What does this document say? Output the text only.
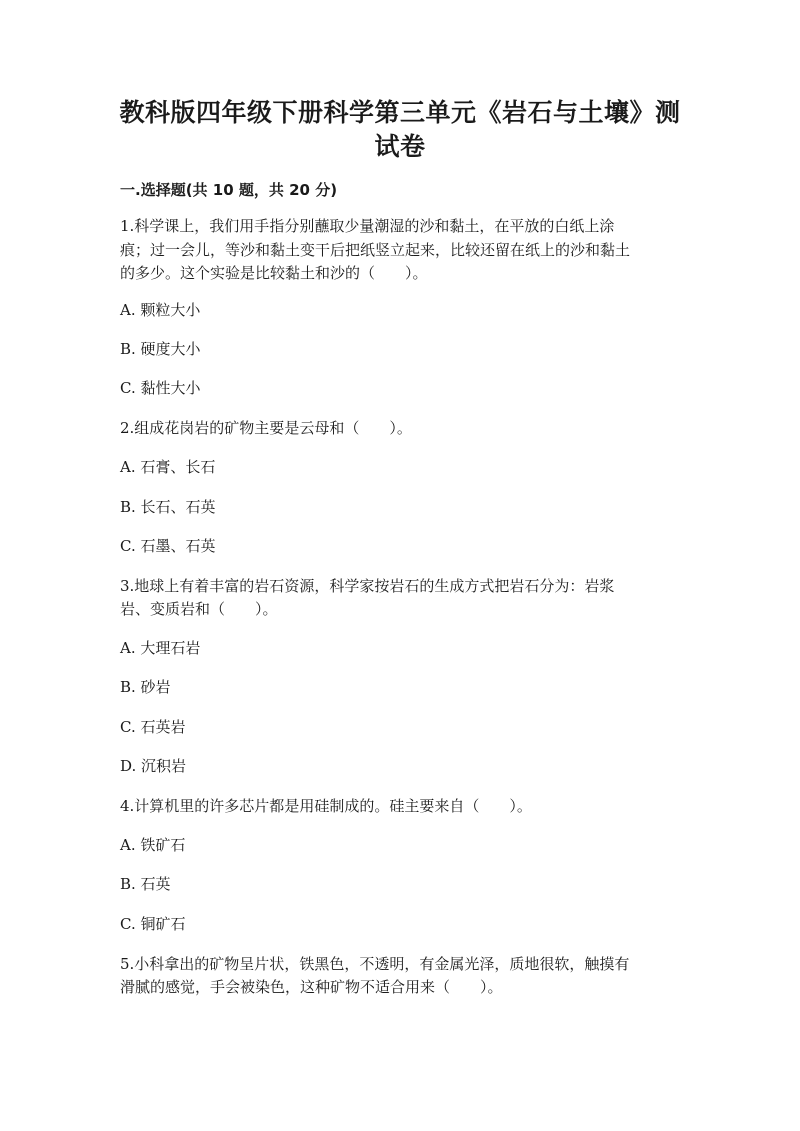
教科版四年级下册科学第三单元《岩石与土壤》测
试卷
一.选择题(共 10 题，共 20 分)
1.科学课上，我们用手指分别蘸取少量潮湿的沙和黏土，在平放的白纸上涂
痕；过一会儿，等沙和黏土变干后把纸竖立起来，比较还留在纸上的沙和黏土
的多少。这个实验是比较黏土和沙的（　　）。
A. 颗粒大小
B. 硬度大小
C. 黏性大小
2.组成花岗岩的矿物主要是云母和（　　）。
A. 石膏、长石
B. 长石、石英
C. 石墨、石英
3.地球上有着丰富的岩石资源，科学家按岩石的生成方式把岩石分为：岩浆
岩、变质岩和（　　）。
A. 大理石岩
B. 砂岩
C. 石英岩
D. 沉积岩
4.计算机里的许多芯片都是用硅制成的。硅主要来自（　　）。
A. 铁矿石
B. 石英
C. 铜矿石
5.小科拿出的矿物呈片状，铁黑色，不透明，有金属光泽，质地很软，触摸有
滑腻的感觉，手会被染色，这种矿物不适合用来（　　）。
